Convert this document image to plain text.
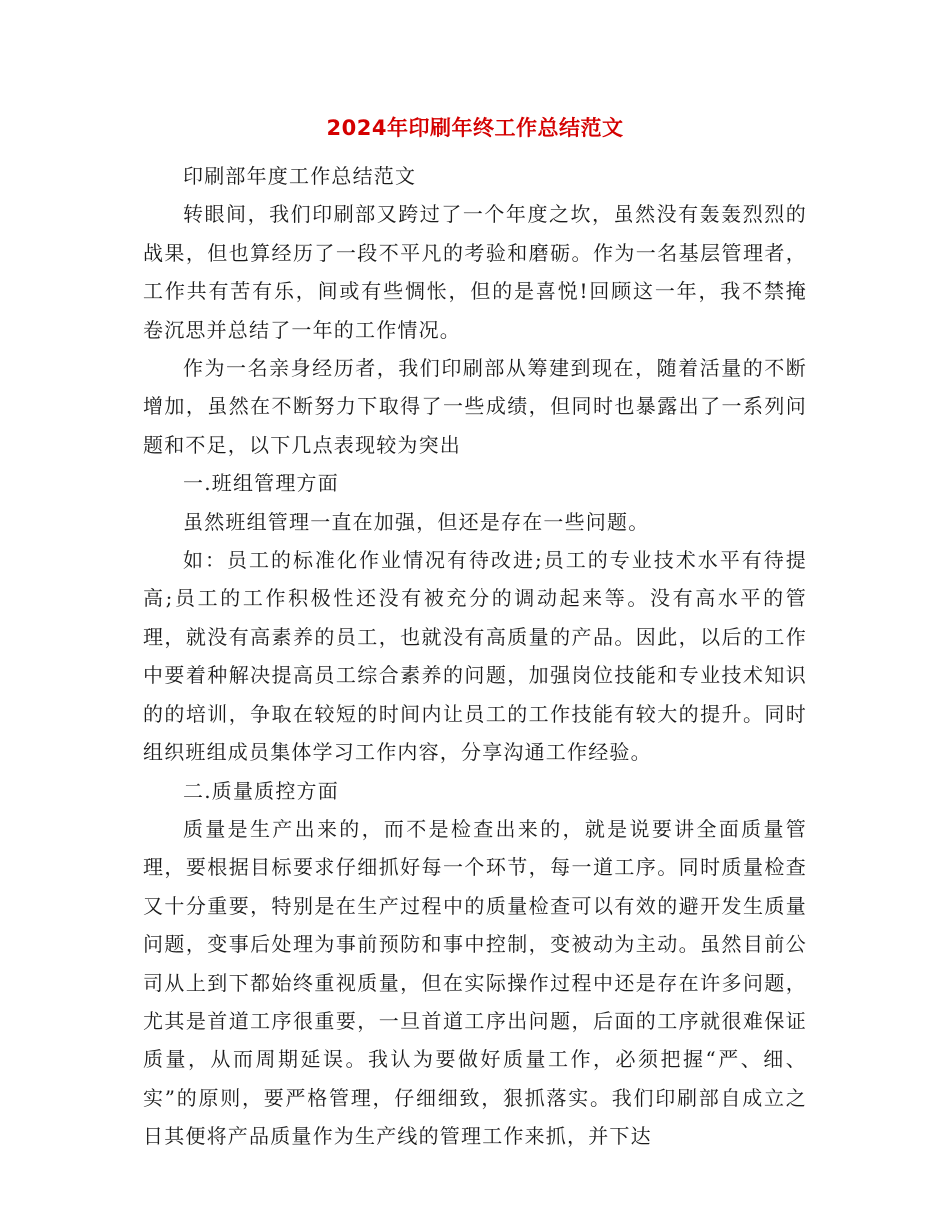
2024年印刷年终工作总结范文

印刷部年度工作总结范文

转眼间，我们印刷部又跨过了一个年度之坎，虽然没有轰轰烈烈的战果，但也算经历了一段不平凡的考验和磨砺。作为一名基层管理者，工作共有苦有乐，间或有些惆怅，但的是喜悦!回顾这一年，我不禁掩卷沉思并总结了一年的工作情况。

作为一名亲身经历者，我们印刷部从筹建到现在，随着活量的不断增加，虽然在不断努力下取得了一些成绩，但同时也暴露出了一系列问题和不足，以下几点表现较为突出

一.班组管理方面

虽然班组管理一直在加强，但还是存在一些问题。

如：员工的标准化作业情况有待改进;员工的专业技术水平有待提高;员工的工作积极性还没有被充分的调动起来等。没有高水平的管理，就没有高素养的员工，也就没有高质量的产品。因此，以后的工作中要着种解决提高员工综合素养的问题，加强岗位技能和专业技术知识的的培训，争取在较短的时间内让员工的工作技能有较大的提升。同时组织班组成员集体学习工作内容，分享沟通工作经验。

二.质量质控方面

质量是生产出来的，而不是检查出来的，就是说要讲全面质量管理，要根据目标要求仔细抓好每一个环节，每一道工序。同时质量检查又十分重要，特别是在生产过程中的质量检查可以有效的避开发生质量问题，变事后处理为事前预防和事中控制，变被动为主动。虽然目前公司从上到下都始终重视质量，但在实际操作过程中还是存在许多问题，尤其是首道工序很重要，一旦首道工序出问题，后面的工序就很难保证质量，从而周期延误。我认为要做好质量工作，必须把握“严、细、实”的原则，要严格管理，仔细细致，狠抓落实。我们印刷部自成立之日其便将产品质量作为生产线的管理工作来抓，并下达
